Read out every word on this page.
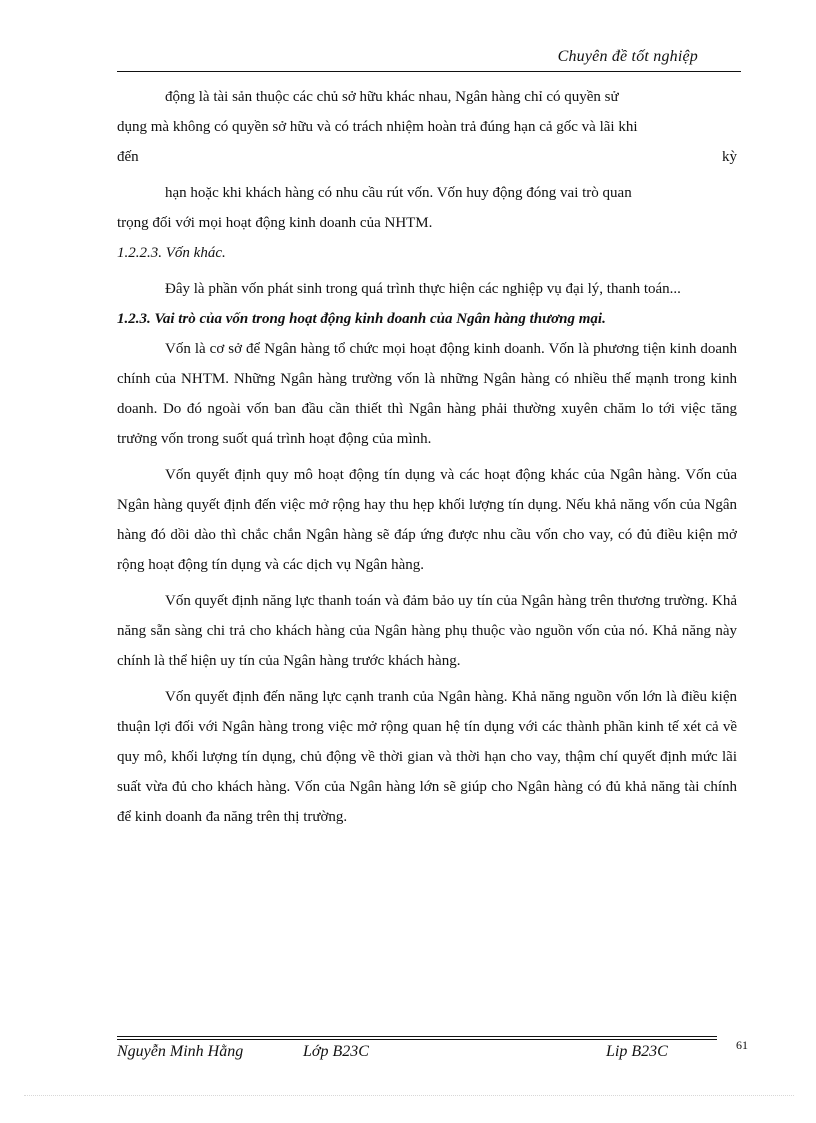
Chuyên đề tốt nghiệp

động là tài sản thuộc các chủ sở hữu khác nhau, Ngân hàng chỉ có quyền sử

dụng mà không có quyền sở hữu và có trách nhiệm hoàn trả đúng hạn cả gốc và lãi khi

đến	kỳ

hạn hoặc khi khách hàng có nhu cầu rút vốn. Vốn huy động đóng vai trò quan

trọng đối với mọi hoạt động kinh doanh của NHTM.

1.2.2.3. Vốn khác.

Đây là phần vốn phát sinh trong quá trình thực hiện các nghiệp vụ đại lý, thanh toán...

1.2.3. Vai trò của vốn trong hoạt động kinh doanh của Ngân hàng thương mại.

Vốn là cơ sở để Ngân hàng tổ chức mọi hoạt động kinh doanh. Vốn là phương tiện kinh doanh chính của NHTM. Những Ngân hàng trường vốn là những Ngân hàng có nhiều thế mạnh trong kinh doanh. Do đó ngoài vốn ban đầu cần thiết thì Ngân hàng phải thường xuyên chăm lo tới việc tăng trưởng vốn trong suốt quá trình hoạt động của mình.

Vốn quyết định quy mô hoạt động tín dụng và các hoạt động khác của Ngân hàng. Vốn của Ngân hàng quyết định đến việc mở rộng hay thu hẹp khối lượng tín dụng. Nếu khả năng vốn của Ngân hàng đó dồi dào thì chắc chắn Ngân hàng sẽ đáp ứng được nhu cầu vốn cho vay, có đủ điều kiện mở rộng hoạt động tín dụng và các dịch vụ Ngân hàng.

Vốn quyết định năng lực thanh toán và đảm bảo uy tín của Ngân hàng trên thương trường. Khả năng sẵn sàng chi trả cho khách hàng của Ngân hàng phụ thuộc vào nguồn vốn của nó. Khả năng này chính là thể hiện uy tín của Ngân hàng trước khách hàng.

Vốn quyết định đến năng lực cạnh tranh của Ngân hàng. Khả năng nguồn vốn lớn là điều kiện thuận lợi đối với Ngân hàng trong việc mở rộng quan hệ tín dụng với các thành phần kinh tế xét cả về quy mô, khối lượng tín dụng, chủ động về thời gian và thời hạn cho vay, thậm chí quyết định mức lãi suất vừa đủ cho khách hàng. Vốn của Ngân hàng lớn sẽ giúp cho Ngân hàng có đủ khả năng tài chính để kinh doanh đa năng trên thị trường.

Nguyễn Minh Hằng	Lớp B23C	Lip B23C	61
